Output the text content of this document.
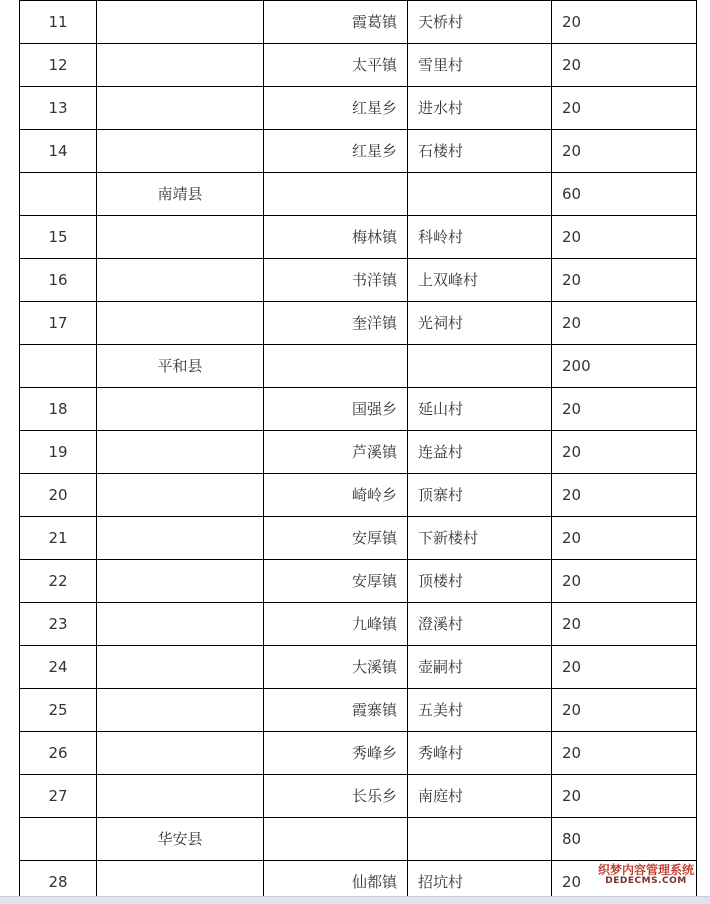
11		霞葛镇	天桥村	20
12		太平镇	雪里村	20
13		红星乡	进水村	20
14		红星乡	石楼村	20
	南靖县			60
15		梅林镇	科岭村	20
16		书洋镇	上双峰村	20
17		奎洋镇	光祠村	20
	平和县			200
18		国强乡	延山村	20
19		芦溪镇	连益村	20
20		崎岭乡	顶寨村	20
21		安厚镇	下新楼村	20
22		安厚镇	顶楼村	20
23		九峰镇	澄溪村	20
24		大溪镇	壶嗣村	20
25		霞寨镇	五美村	20
26		秀峰乡	秀峰村	20
27		长乐乡	南庭村	20
	华安县			80
28		仙都镇	招坑村	20
织梦内容管理系统
DEDECMS.COM
